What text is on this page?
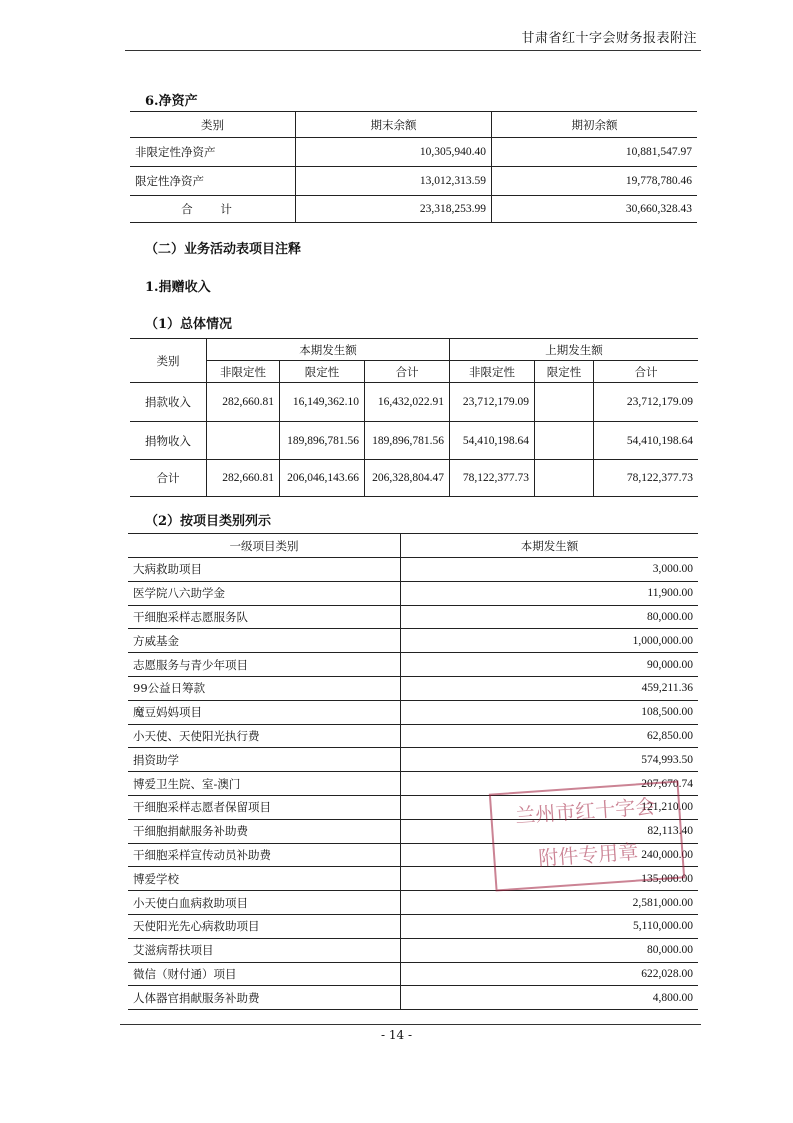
甘肃省红十字会财务报表附注
6.净资产
类别	期末余额	期初余额
非限定性净资产	10,305,940.40	10,881,547.97
限定性净资产	13,012,313.59	19,778,780.46
合 计	23,318,253.99	30,660,328.43
（二）业务活动表项目注释
1.捐赠收入
（1）总体情况
类别	本期发生额			上期发生额		
	非限定性	限定性	合计	非限定性	限定性	合计
捐款收入	282,660.81	16,149,362.10	16,432,022.91	23,712,179.09		23,712,179.09
捐物收入		189,896,781.56	189,896,781.56	54,410,198.64		54,410,198.64
合计	282,660.81	206,046,143.66	206,328,804.47	78,122,377.73		78,122,377.73
（2）按项目类别列示
一级项目类别	本期发生额
大病救助项目	3,000.00
医学院八六助学金	11,900.00
干细胞采样志愿服务队	80,000.00
方威基金	1,000,000.00
志愿服务与青少年项目	90,000.00
99公益日筹款	459,211.36
魔豆妈妈项目	108,500.00
小天使、天使阳光执行费	62,850.00
捐资助学	574,993.50
博爱卫生院、室-澳门	207,670.74
干细胞采样志愿者保留项目	121,210.00
干细胞捐献服务补助费	82,113.40
干细胞采样宣传动员补助费	240,000.00
博爱学校	135,000.00
小天使白血病救助项目	2,581,000.00
天使阳光先心病救助项目	5,110,000.00
艾滋病帮扶项目	80,000.00
微信（财付通）项目	622,028.00
人体器官捐献服务补助费	4,800.00
兰州市红十字会
附件专用章
- 14 -
